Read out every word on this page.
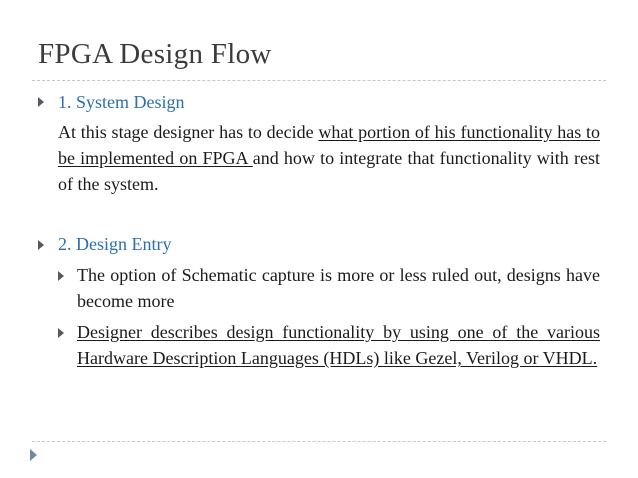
FPGA Design Flow
1. System Design

At this stage designer has to decide what portion of his functionality has to be implemented on FPGA and how to integrate that functionality with rest of the system.

2. Design Entry

The option of Schematic capture is more or less ruled out, designs have become more

Designer describes design functionality by using one of the various Hardware Description Languages (HDLs) like Gezel, Verilog or VHDL.
